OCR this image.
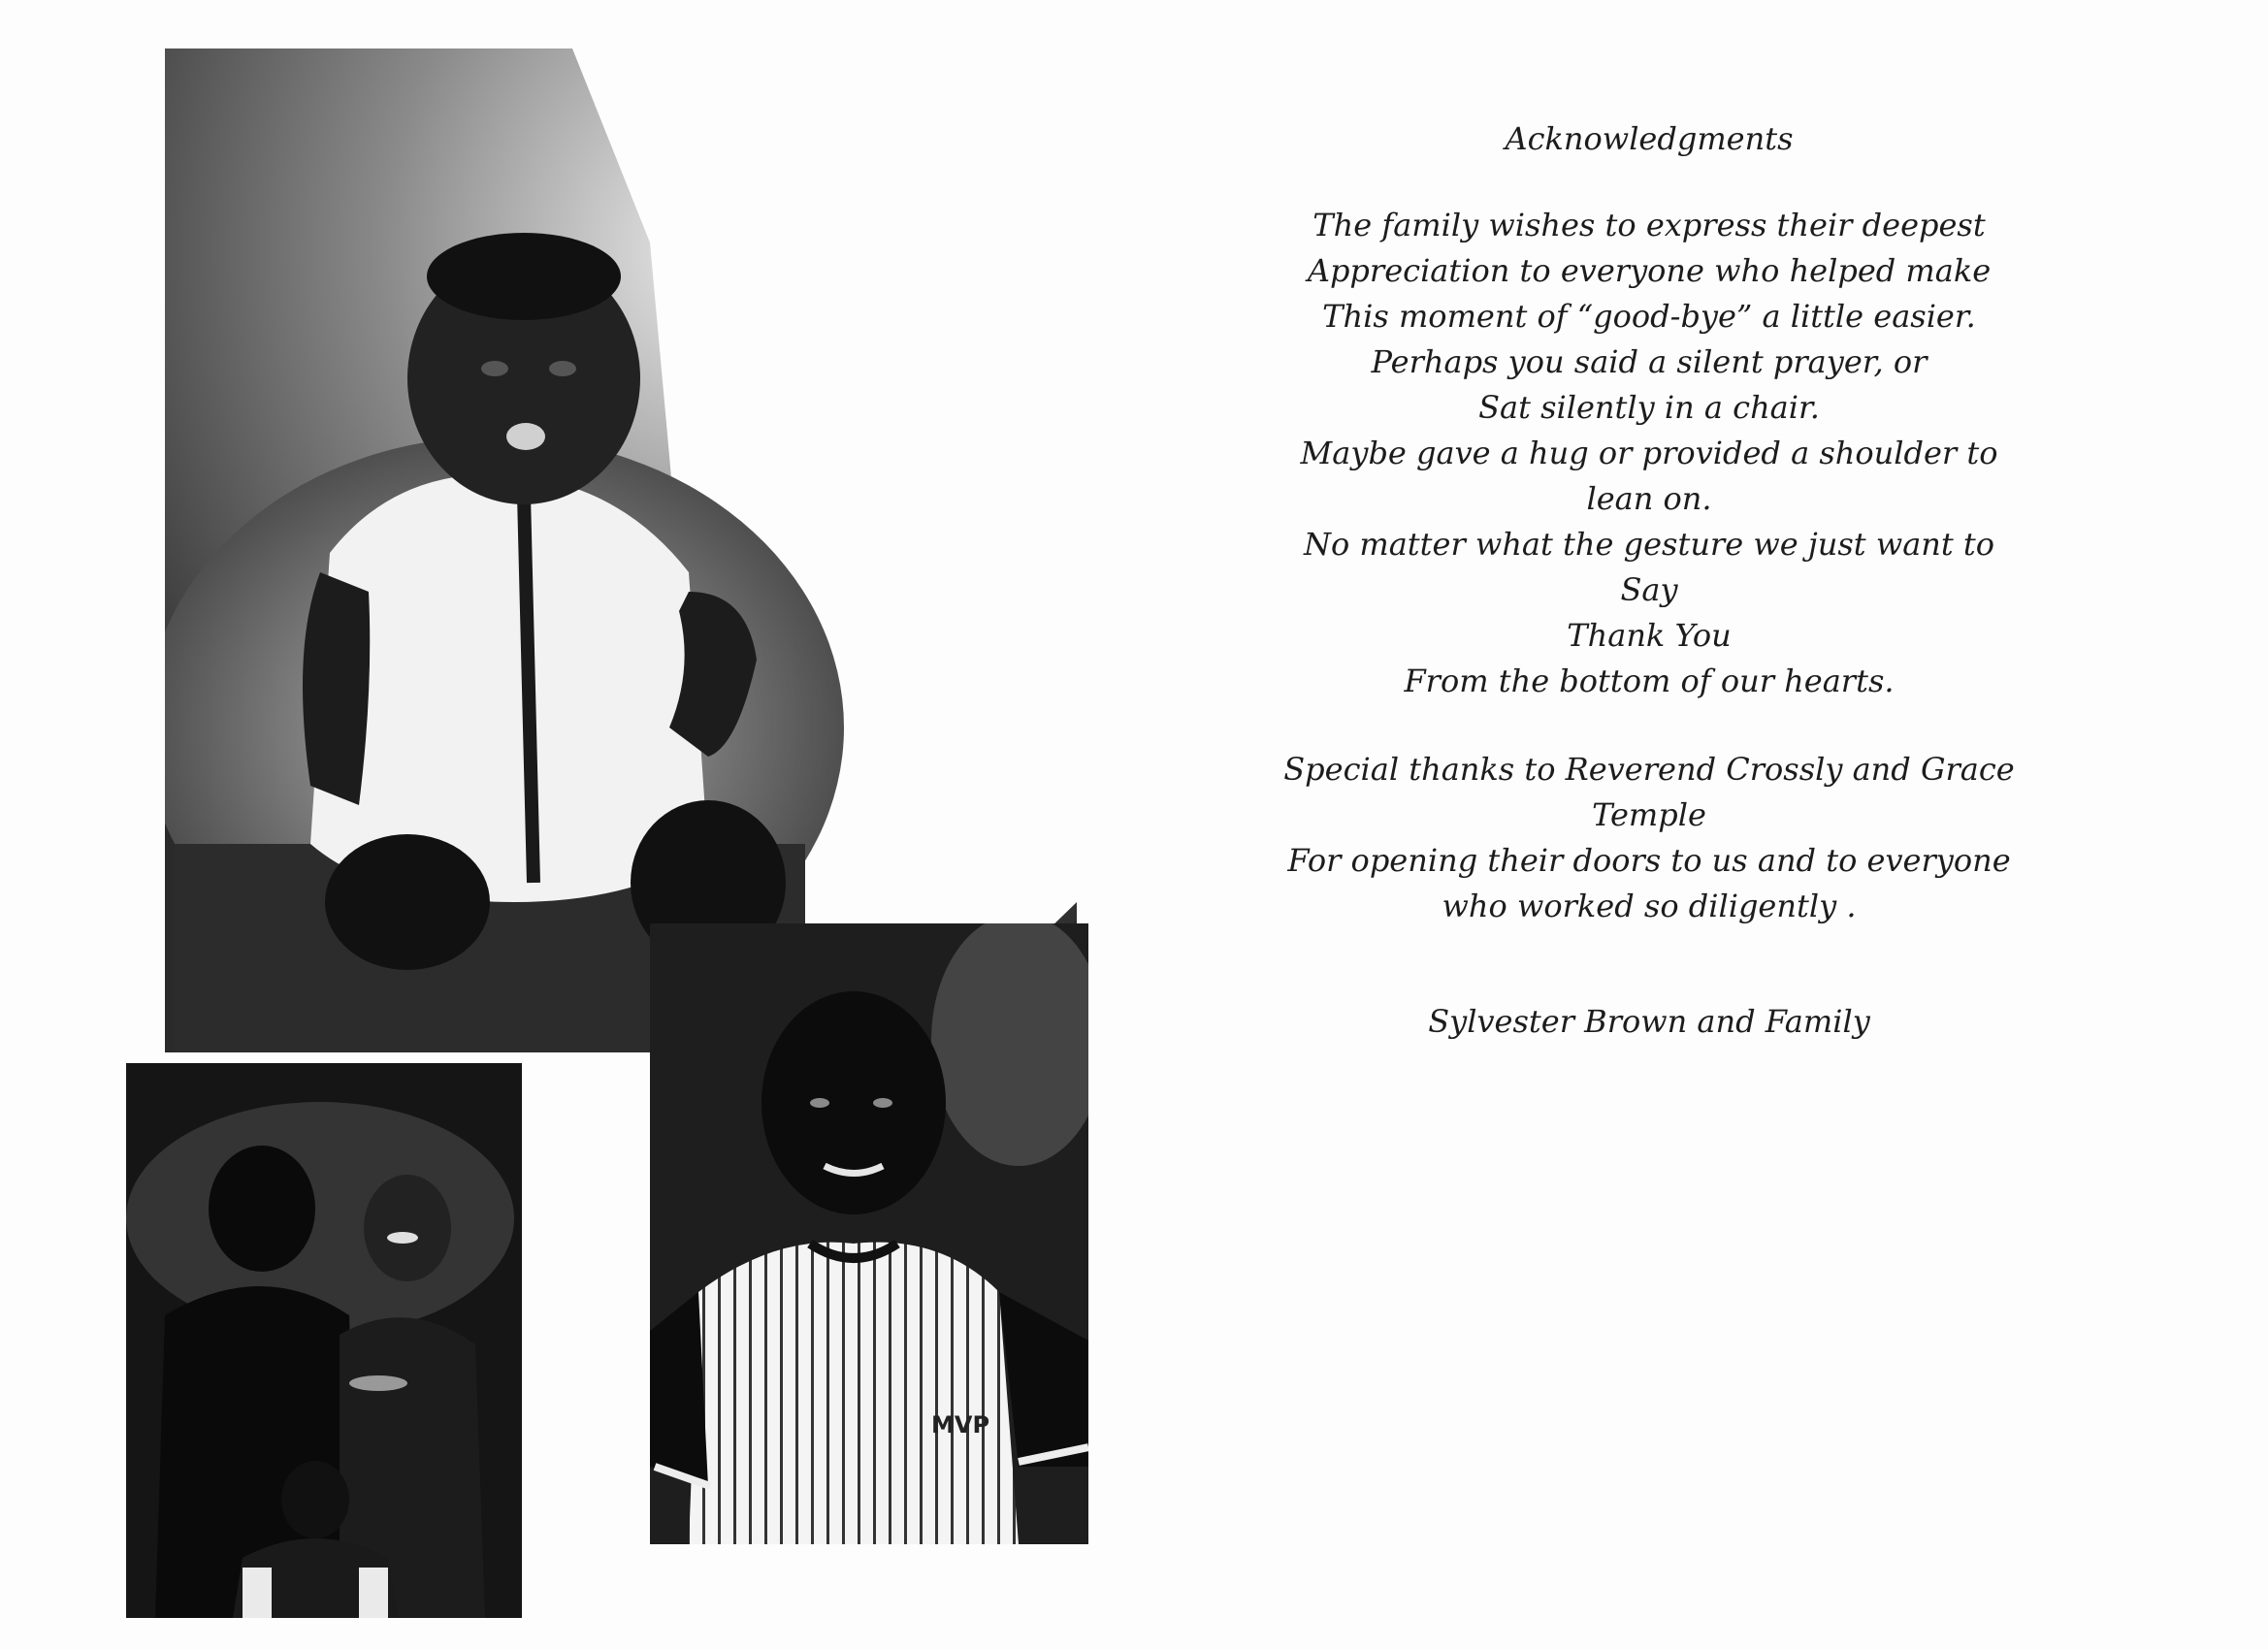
MVP
Acknowledgments
The family wishes to express their deepest
Appreciation to everyone who helped make
This moment of “good-bye” a little easier.
Perhaps you said a silent prayer, or
Sat silently in a chair.
Maybe gave a hug or provided a shoulder to
lean on.
No matter what the gesture we just want to
Say
Thank You
From the bottom of our hearts.
Special thanks to Reverend Crossly and Grace
Temple
For opening their doors to us and to everyone
who worked so diligently .
Sylvester Brown and Family
